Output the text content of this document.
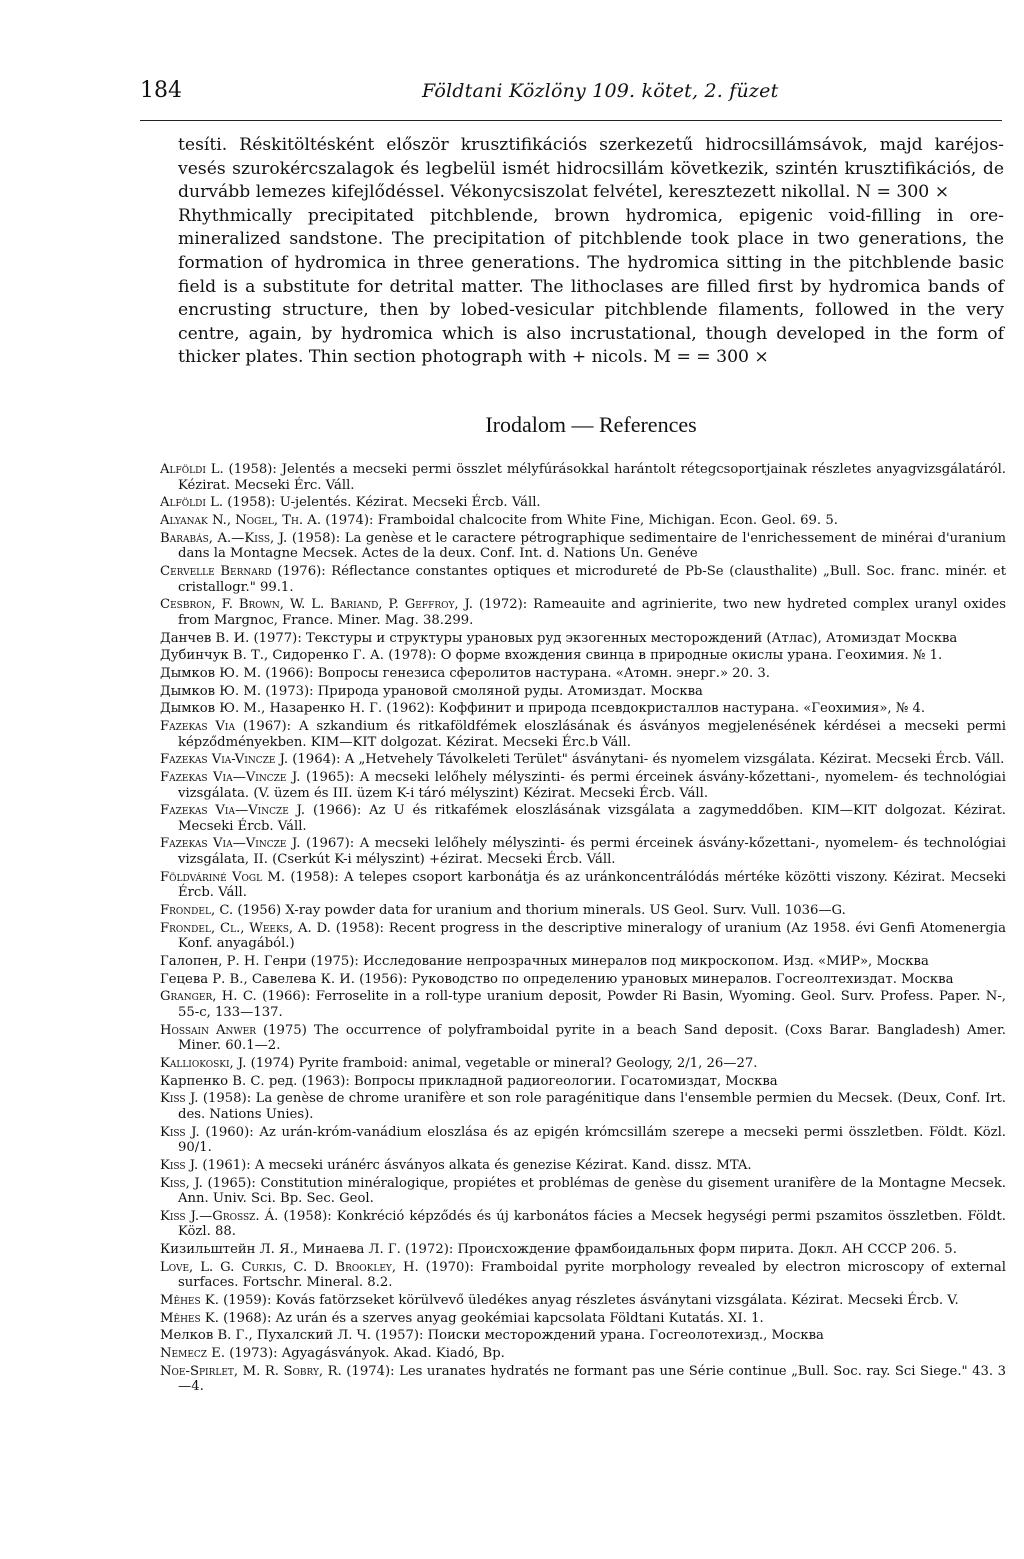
184	Földtani Közlöny 109. kötet, 2. füzet

tesíti. Réskitöltésként először krusztifikációs szerkezetű hidrocsillámsávok, majd karéjos-vesés szurokércszalagok és legbelül ismét hidrocsillám következik, szintén krusztifikációs, de durvább lemezes kifejlődéssel. Vékonycsiszolat felvétel, keresztezett nikollal. N = 300 ×

Rhythmically precipitated pitchblende, brown hydromica, epigenic void-filling in ore-mineralized sandstone. The precipitation of pitchblende took place in two generations, the formation of hydromica in three generations. The hydromica sitting in the pitchblende basic field is a substitute for detrital matter. The lithoclases are filled first by hydromica bands of encrusting structure, then by lobed-vesicular pitchblende filaments, followed in the very centre, again, by hydromica which is also incrustational, though developed in the form of thicker plates. Thin section photograph with + nicols. M = = 300 ×

Irodalom — References

Alföldi L. (1958): Jelentés a mecseki permi összlet mélyfúrásokkal harántolt rétegcsoportjainak részletes anyagvizsgálatáról. Kézirat. Mecseki Érc. Váll.

Alföldi L. (1958): U-jelentés. Kézirat. Mecseki Ércb. Váll.

Alyanak N., Nogel, Th. A. (1974): Framboidal chalcocite from White Fine, Michigan. Econ. Geol. 69. 5.

Barabás, A.—Kiss, J. (1958): La genèse et le caractere pétrographique sedimentaire de l'enrichessement de minérai d'uranium dans la Montagne Mecsek. Actes de la deux. Conf. Int. d. Nations Un. Genéve

Cervelle Bernard (1976): Réflectance constantes optiques et microdureté de Pb-Se (clausthalite) „Bull. Soc. franc. minér. et cristallogr." 99.1.

Cesbron, F. Brown, W. L. Bariand, P. Geffroy, J. (1972): Rameauite and agrinierite, two new hydreted complex uranyl oxides from Margnoc, France. Miner. Mag. 38.299.

Данчев В. И. (1977): Текстуры и структуры урановых руд экзогенных месторождений (Атлас), Атомиздат Москва

Дубинчук В. Т., Сидоренко Г. А. (1978): О форме вхождения свинца в природные окислы урана. Геохимия. № 1.

Дымков Ю. М. (1966): Вопросы генезиса сферолитов настурана. «Атомн. энерг.» 20. 3.

Дымков Ю. М. (1973): Природа урановой смоляной руды. Атомиздат. Москва

Дымков Ю. М., Назаренко Н. Г. (1962): Коффинит и природа псевдокристаллов настурана. «Геохимия», № 4.

Fazekas Via (1967): A szkandium és ritkaföldfémek eloszlásának és ásványos megjelenésének kérdései a mecseki permi képződményekben. KIM—KIT dolgozat. Kézirat. Mecseki Érc.b Váll.

Fazekas Via-Vincze J. (1964): A „Hetvehely Távolkeleti Terület" ásványtani- és nyomelem vizsgálata. Kézirat. Mecseki Ércb. Váll.

Fazekas Via—Vincze J. (1965): A mecseki lelőhely mélyszinti- és permi érceinek ásvány-kőzettani-, nyomelem- és technológiai vizsgálata. (V. üzem és III. üzem K-i táró mélyszint) Kézirat. Mecseki Ércb. Váll.

Fazekas Via—Vincze J. (1966): Az U és ritkafémek eloszlásának vizsgálata a zagymeddőben. KIM—KIT dolgozat. Kézirat. Mecseki Ércb. Váll.

Fazekas Via—Vincze J. (1967): A mecseki lelőhely mélyszinti- és permi érceinek ásvány-kőzettani-, nyomelem- és technológiai vizsgálata, II. (Cserkút K-i mélyszint) +ézirat. Mecseki Ércb. Váll.

Földváriné Vogl M. (1958): A telepes csoport karbonátja és az uránkoncentrálódás mértéke közötti viszony. Kézirat. Mecseki Ércb. Váll.

Frondel, C. (1956) X-ray powder data for uranium and thorium minerals. US Geol. Surv. Vull. 1036—G.

Frondel, Cl., Weeks, A. D. (1958): Recent progress in the descriptive mineralogy of uranium (Az 1958. évi Genfi Atomenergia Konf. anyagából.)

Галопен, Р. Н. Генри (1975): Исследование непрозрачных минералов под микроскопом. Изд. «МИР», Москва

Гецева Р. В., Савелева К. И. (1956): Руководство по определению урановых минералов. Госгеолтехиздат. Москва

Granger, H. C. (1966): Ferroselite in a roll-type uranium deposit, Powder Ri Basin, Wyoming. Geol. Surv. Profess. Paper. N-, 55-c, 133—137.

Hossain Anwer (1975) The occurrence of polyframboidal pyrite in a beach Sand deposit. (Coxs Barar. Bangladesh) Amer. Miner. 60.1—2.

Kalliokoski, J. (1974) Pyrite framboid: animal, vegetable or mineral? Geology, 2/1, 26—27.

Карпенко В. С. ред. (1963): Вопросы прикладной радиогеологии. Госатомиздат, Москва

Kiss J. (1958): La genèse de chrome uranifère et son role paragénitique dans l'ensemble permien du Mecsek. (Deux, Conf. Irt. des. Nations Unies).

Kiss J. (1960): Az urán-króm-vanádium eloszlása és az epigén krómcsillám szerepe a mecseki permi összletben. Földt. Közl. 90/1.

Kiss J. (1961): A mecseki uránérc ásványos alkata és genezise Kézirat. Kand. dissz. MTA.

Kiss, J. (1965): Constitution minéralogique, propiétes et problémas de genèse du gisement uranifère de la Montagne Mecsek. Ann. Univ. Sci. Bp. Sec. Geol.

Kiss J.—Grossz. Á. (1958): Konkréció képződés és új karbonátos fácies a Mecsek hegységi permi pszamitos összletben. Földt. Közl. 88.

Кизильштейн Л. Я., Минаева Л. Г. (1972): Происхождение фрамбоидальных форм пирита. Докл. АН СССР 206. 5.

Love, L. G. Curkis, C. D. Brookley, H. (1970): Framboidal pyrite morphology revealed by electron microscopy of external surfaces. Fortschr. Mineral. 8.2.

Mêhes K. (1959): Kovás fatörzseket körülvevő üledékes anyag részletes ásványtani vizsgálata. Kézirat. Mecseki Ércb. V.

Mêhes K. (1968): Az urán és a szerves anyag geokémiai kapcsolata Földtani Kutatás. XI. 1.

Мелков В. Г., Пухалский Л. Ч. (1957): Поиски месторождений урана. Госгеолотехизд., Москва

Nemecz E. (1973): Agyagásványok. Akad. Kiadó, Bp.

Noe-Spirlet, M. R. Sobry, R. (1974): Les uranates hydratés ne formant pas une Série continue „Bull. Soc. ray. Sci Siege." 43. 3—4.
